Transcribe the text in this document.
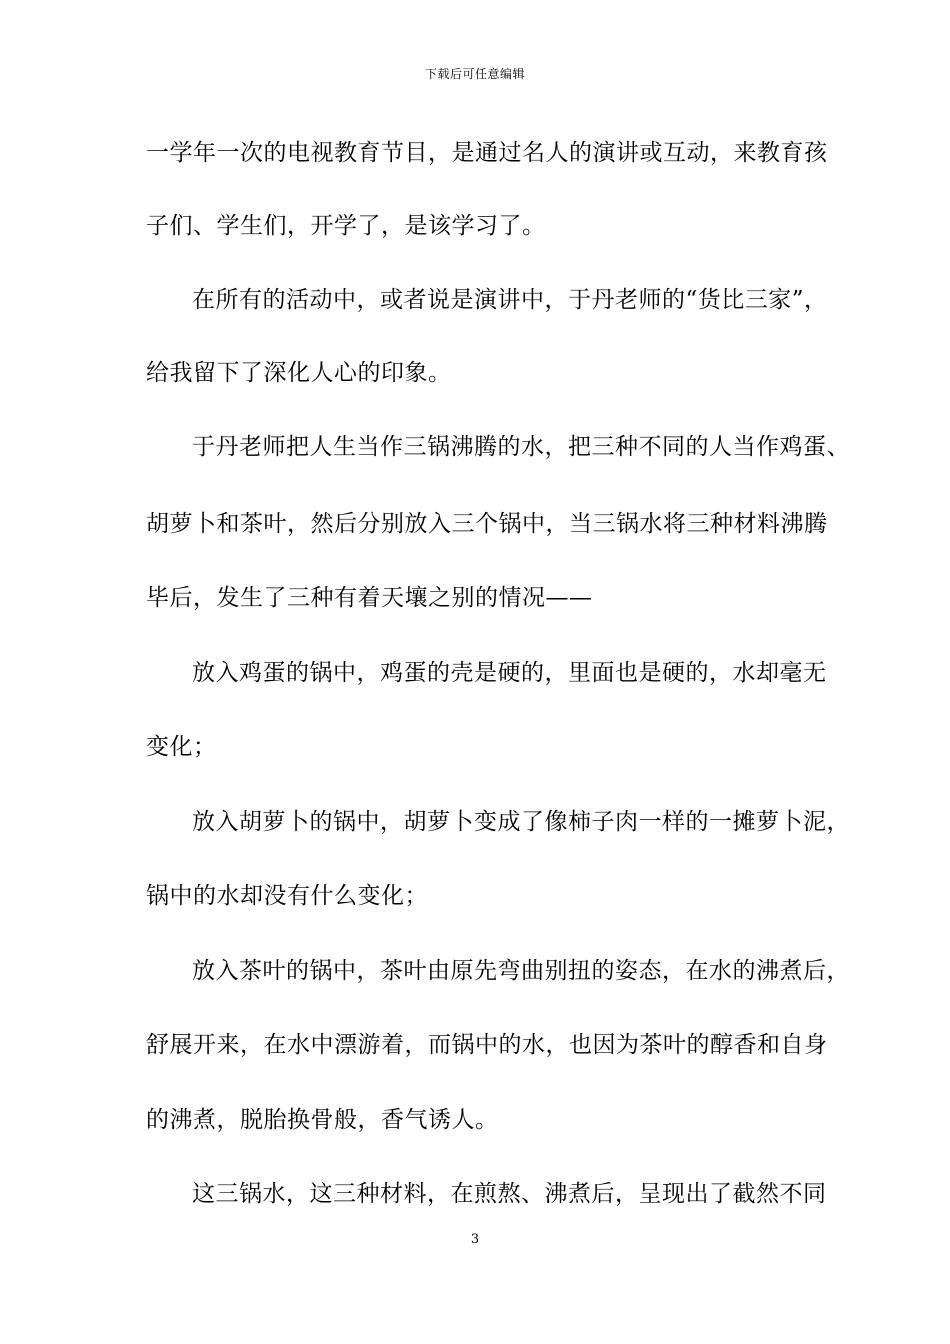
下载后可任意编辑
一学年一次的电视教育节目，是通过名人的演讲或互动，来教育孩
子们、学生们，开学了，是该学习了。
在所有的活动中，或者说是演讲中，于丹老师的“货比三家”，
给我留下了深化人心的印象。
于丹老师把人生当作三锅沸腾的水，把三种不同的人当作鸡蛋、
胡萝卜和茶叶，然后分别放入三个锅中，当三锅水将三种材料沸腾
毕后，发生了三种有着天壤之别的情况——
放入鸡蛋的锅中，鸡蛋的壳是硬的，里面也是硬的，水却毫无
变化；
放入胡萝卜的锅中，胡萝卜变成了像柿子肉一样的一摊萝卜泥，
锅中的水却没有什么变化；
放入茶叶的锅中，茶叶由原先弯曲别扭的姿态，在水的沸煮后，
舒展开来，在水中漂游着，而锅中的水，也因为茶叶的醇香和自身
的沸煮，脱胎换骨般，香气诱人。
这三锅水，这三种材料，在煎熬、沸煮后，呈现出了截然不同
3
